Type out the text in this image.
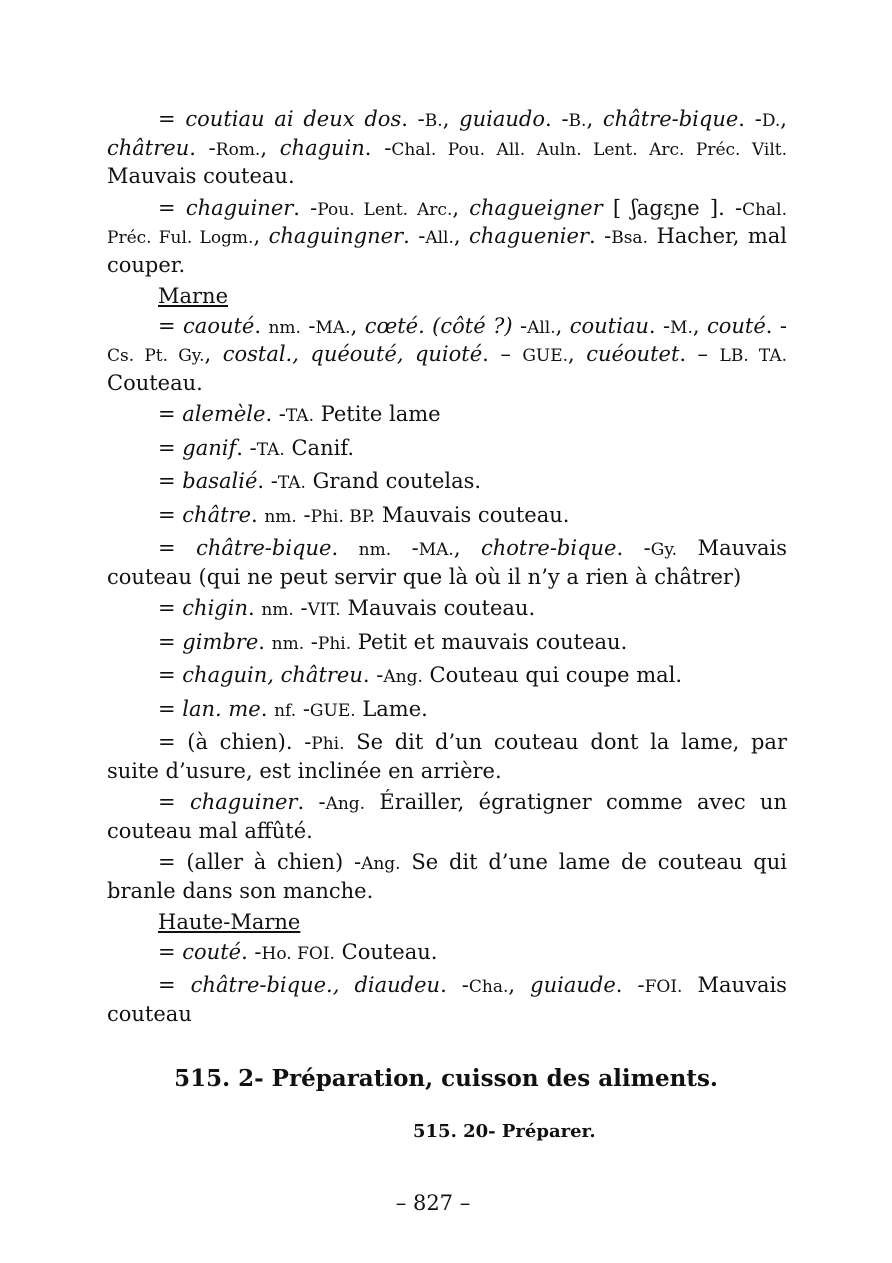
= coutiau ai deux dos. -B., guiaudo. -B., châtre-bique. -D., châtreu. -Rom., chaguin. -Chal. Pou. All. Auln. Lent. Arc. Préc. Vilt. Mauvais couteau.

= chaguiner. -Pou. Lent. Arc., chagueigner [ ʃagɛɲe ]. -Chal. Préc. Ful. Logm., chaguingner. -All., chaguenier. -Bsa. Hacher, mal couper.

Marne

= caouté. nm. -MA., cœté. (côté ?) -All., coutiau. -M., couté. -Cs. Pt. Gy., costal., quéouté, quioté. – GUE., cuéoutet. – LB. TA. Couteau.

= alemèle. -TA. Petite lame

= ganif. -TA. Canif.

= basalié. -TA. Grand coutelas.

= châtre. nm. -Phi. BP. Mauvais couteau.

= châtre-bique. nm. -MA., chotre-bique. -Gy. Mauvais couteau (qui ne peut servir que là où il n’y a rien à châtrer)

= chigin. nm. -VIT. Mauvais couteau.

= gimbre. nm. -Phi. Petit et mauvais couteau.

= chaguin, châtreu. -Ang. Couteau qui coupe mal.

= lan. me. nf. -GUE. Lame.

= (à chien). -Phi. Se dit d’un couteau dont la lame, par suite d’usure, est inclinée en arrière.

= chaguiner. -Ang. Érailler, égratigner comme avec un couteau mal affûté.

= (aller à chien) -Ang. Se dit d’une lame de couteau qui branle dans son manche.

Haute-Marne

= couté. -Ho. FOI. Couteau.

= châtre-bique., diaudeu. -Cha., guiaude. -FOI. Mauvais couteau

515. 2- Préparation, cuisson des aliments.
515. 20- Préparer.
– 827 –
